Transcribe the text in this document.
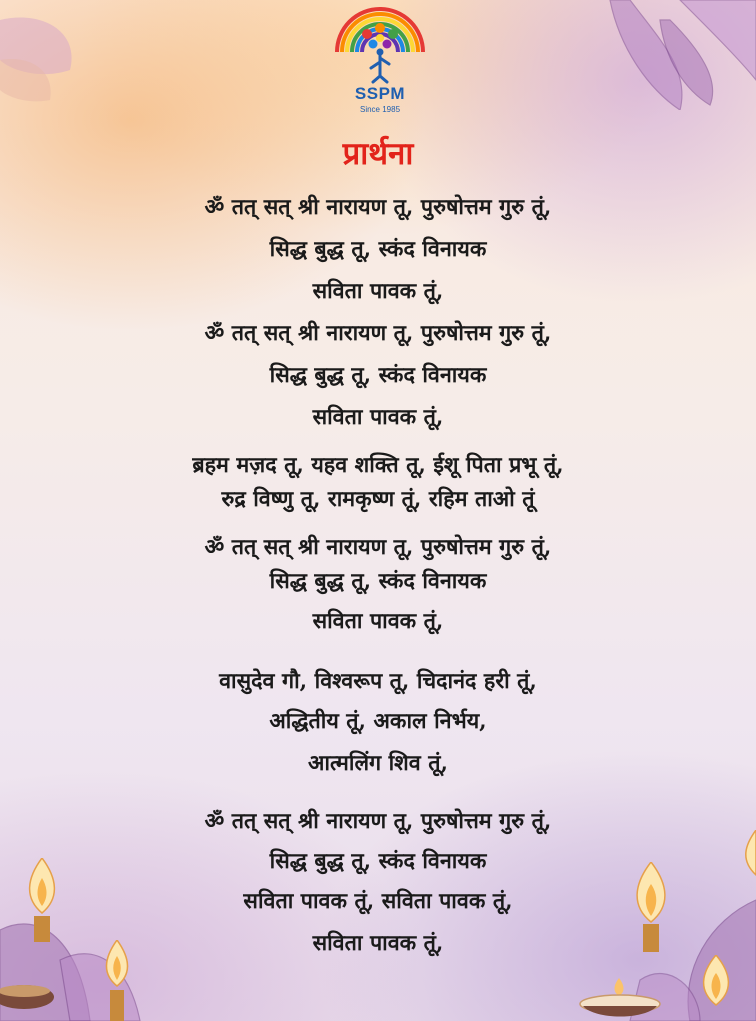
SSPM
Since 1985
प्रार्थना
ॐ तत् सत् श्री नारायण तू, पुरुषोत्तम गुरु तूं,
सिद्ध बुद्ध तू, स्कंद विनायक
सविता पावक तूं,
ॐ तत् सत् श्री नारायण तू, पुरुषोत्तम गुरु तूं,
सिद्ध बुद्ध तू, स्कंद विनायक
सविता पावक तूं,
ब्रहम मज़द तू, यहव शक्ति तू, ईशू पिता प्रभू तूं,
रुद्र विष्णु तू, रामकृष्ण तूं, रहिम ताओ तूं
ॐ तत् सत् श्री नारायण तू, पुरुषोत्तम गुरु तूं,
सिद्ध बुद्ध तू, स्कंद विनायक
सविता पावक तूं,
वासुदेव गौ, विश्वरूप तू, चिदानंद हरी तूं,
अद्धितीय तूं, अकाल निर्भय,
आत्मलिंग शिव तूं,
ॐ तत् सत् श्री नारायण तू, पुरुषोत्तम गुरु तूं,
सिद्ध बुद्ध तू, स्कंद विनायक
सविता पावक तूं, सविता पावक तूं,
सविता पावक तूं,
